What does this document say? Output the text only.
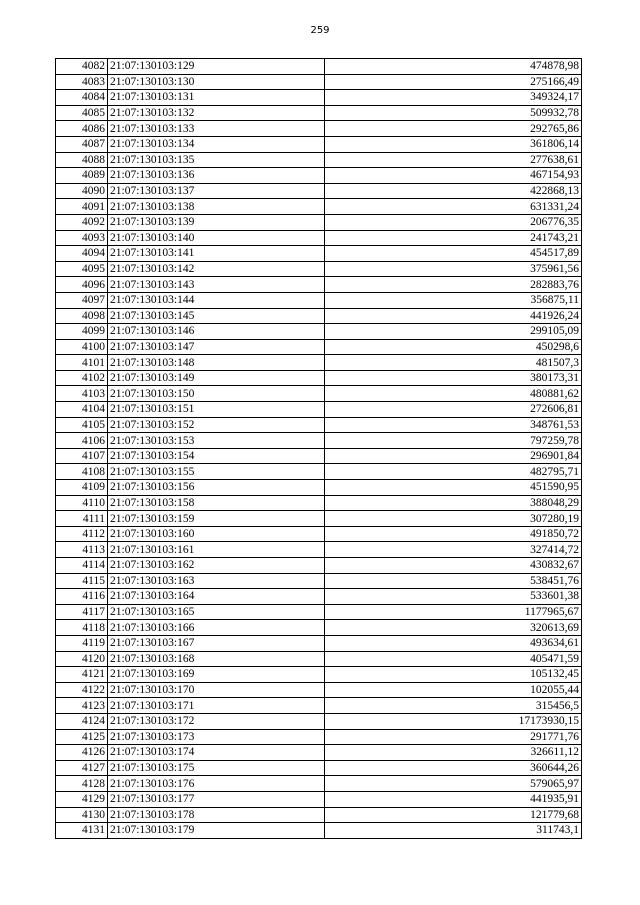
259
4082	21:07:130103:129	474878,98
4083	21:07:130103:130	275166,49
4084	21:07:130103:131	349324,17
4085	21:07:130103:132	509932,78
4086	21:07:130103:133	292765,86
4087	21:07:130103:134	361806,14
4088	21:07:130103:135	277638,61
4089	21:07:130103:136	467154,93
4090	21:07:130103:137	422868,13
4091	21:07:130103:138	631331,24
4092	21:07:130103:139	206776,35
4093	21:07:130103:140	241743,21
4094	21:07:130103:141	454517,89
4095	21:07:130103:142	375961,56
4096	21:07:130103:143	282883,76
4097	21:07:130103:144	356875,11
4098	21:07:130103:145	441926,24
4099	21:07:130103:146	299105,09
4100	21:07:130103:147	450298,6
4101	21:07:130103:148	481507,3
4102	21:07:130103:149	380173,31
4103	21:07:130103:150	480881,62
4104	21:07:130103:151	272606,81
4105	21:07:130103:152	348761,53
4106	21:07:130103:153	797259,78
4107	21:07:130103:154	296901,84
4108	21:07:130103:155	482795,71
4109	21:07:130103:156	451590,95
4110	21:07:130103:158	388048,29
4111	21:07:130103:159	307280,19
4112	21:07:130103:160	491850,72
4113	21:07:130103:161	327414,72
4114	21:07:130103:162	430832,67
4115	21:07:130103:163	538451,76
4116	21:07:130103:164	533601,38
4117	21:07:130103:165	1177965,67
4118	21:07:130103:166	320613,69
4119	21:07:130103:167	493634,61
4120	21:07:130103:168	405471,59
4121	21:07:130103:169	105132,45
4122	21:07:130103:170	102055,44
4123	21:07:130103:171	315456,5
4124	21:07:130103:172	17173930,15
4125	21:07:130103:173	291771,76
4126	21:07:130103:174	326611,12
4127	21:07:130103:175	360644,26
4128	21:07:130103:176	579065,97
4129	21:07:130103:177	441935,91
4130	21:07:130103:178	121779,68
4131	21:07:130103:179	311743,1
